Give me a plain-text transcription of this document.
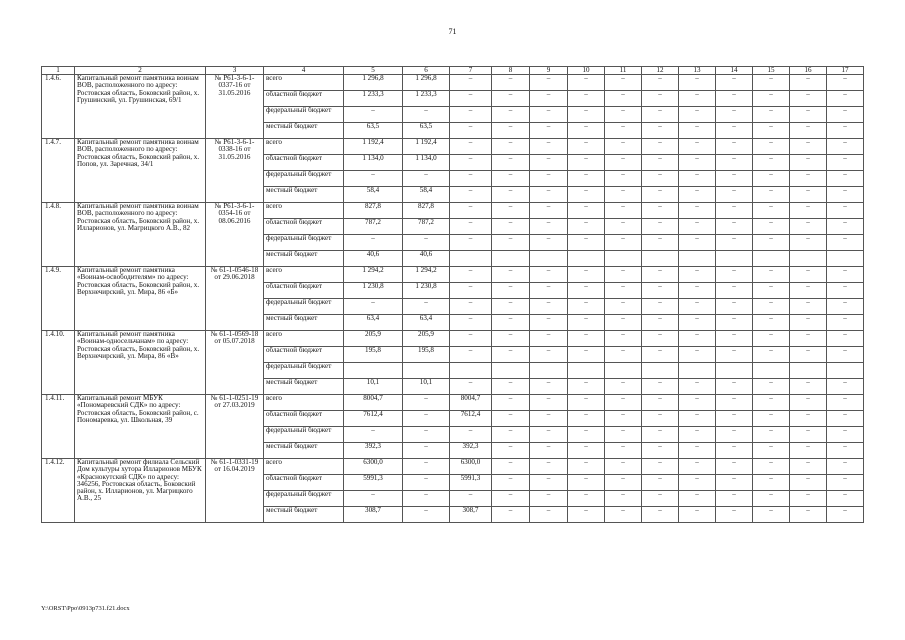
71
1	2	3	4	5	6	7	8	9	10	11	12	13	14	15	16	17
1.4.6.	Капитальный ремонт памятника воинам ВОВ, расположенного по адресу: Ростовская область, Боковский район, х. Грушинский, ул. Грушинская, 69/1	№ Р61-3-6-1-0337-16 от 31.05.2016	всего	1 296,8	1 296,8	–	–	–	–	–	–	–	–	–	–	–
			областной бюджет	1 233,3	1 233,3	–	–	–	–	–	–	–	–	–	–	–
			федеральный бюджет	–	–	–	–	–	–	–	–	–	–	–	–	–
			местный бюджет	63,5	63,5	–	–	–	–	–	–	–	–	–	–	–
1.4.7.	Капитальный ремонт памятника воинам ВОВ, расположенного по адресу: Ростовская область, Боковский район, х. Попов, ул. Заречная, 34/1	№ Р61-3-6-1-0338-16 от 31.05.2016	всего	1 192,4	1 192,4	–	–	–	–	–	–	–	–	–	–	–
			областной бюджет	1 134,0	1 134,0	–	–	–	–	–	–	–	–	–	–	–
			федеральный бюджет	–	–	–	–	–	–	–	–	–	–	–	–	–
			местный бюджет	58,4	58,4	–	–	–	–	–	–	–	–	–	–	–
1.4.8.	Капитальный ремонт памятника воинам ВОВ, расположенного по адресу: Ростовская область, Боковский район, х. Илларионов, ул. Магрицкого А.В., 82	№ Р61-3-6-1-0354-16 от 08.06.2016	всего	827,8	827,8	–	–	–	–	–	–	–	–	–	–	–
			областной бюджет	787,2	787,2	–	–	–	–	–	–	–	–	–	–	–
			федеральный бюджет	–	–	–	–	–	–	–	–	–	–	–	–	–
			местный бюджет	40,6	40,6											
1.4.9.	Капитальный ремонт памятника «Воинам-освободителям» по адресу: Ростовская область, Боковский район, х. Верхнечирский, ул. Мира, 86 «Б»	№ 61-1-0546-18 от 29.06.2018	всего	1 294,2	1 294,2	–	–	–	–	–	–	–	–	–	–	–
			областной бюджет	1 230,8	1 230,8	–	–	–	–	–	–	–	–	–	–	–
			федеральный бюджет	–	–	–	–	–	–	–	–	–	–	–	–	–
			местный бюджет	63,4	63,4	–	–	–	–	–	–	–	–	–	–	–
1.4.10.	Капитальный ремонт памятника «Воинам-односельчанам» по адресу: Ростовская область, Боковский район, х. Верхнечирский, ул. Мира, 86 «В»	№ 61-1-0569-18 от 05.07.2018	всего	205,9	205,9	–	–	–	–	–	–	–	–	–	–	–
			областной бюджет	195,8	195,8	–	–	–	–	–	–	–	–	–	–	–
			федеральный бюджет													
			местный бюджет	10,1	10,1	–	–	–	–	–	–	–	–	–	–	–
1.4.11.	Капитальный ремонт МБУК «Пономаревский СДК» по адресу: Ростовская область, Боковский район, с. Пономаревка, ул. Школьная, 39	№ 61-1-0251-19 от 27.03.2019	всего	8004,7	–	8004,7	–	–	–	–	–	–	–	–	–	–
			областной бюджет	7612,4	–	7612,4	–	–	–	–	–	–	–	–	–	–
			федеральный бюджет	–	–	–	–	–	–	–	–	–	–	–	–	–
			местный бюджет	392,3	–	392,3	–	–	–	–	–	–	–	–	–	–
1.4.12.	Капитальный ремонт филиала Сельский Дом культуры хутора Илларионов МБУК «Краснокутский СДК» по адресу: 346256, Ростовская область, Боковский район, х. Илларионов, ул. Магрицкого А.В., 25	№ 61-1-0331-19 от 16.04.2019	всего	6300,0	–	6300,0	–	–	–	–	–	–	–	–	–	–
			областной бюджет	5991,3	–	5991,3	–	–	–	–	–	–	–	–	–	–
			федеральный бюджет	–	–	–	–	–	–	–	–	–	–	–	–	–
			местный бюджет	308,7	–	308,7	–	–	–	–	–	–	–	–	–	–
Y:\ORST\Ppo\0913p731.f21.docx
